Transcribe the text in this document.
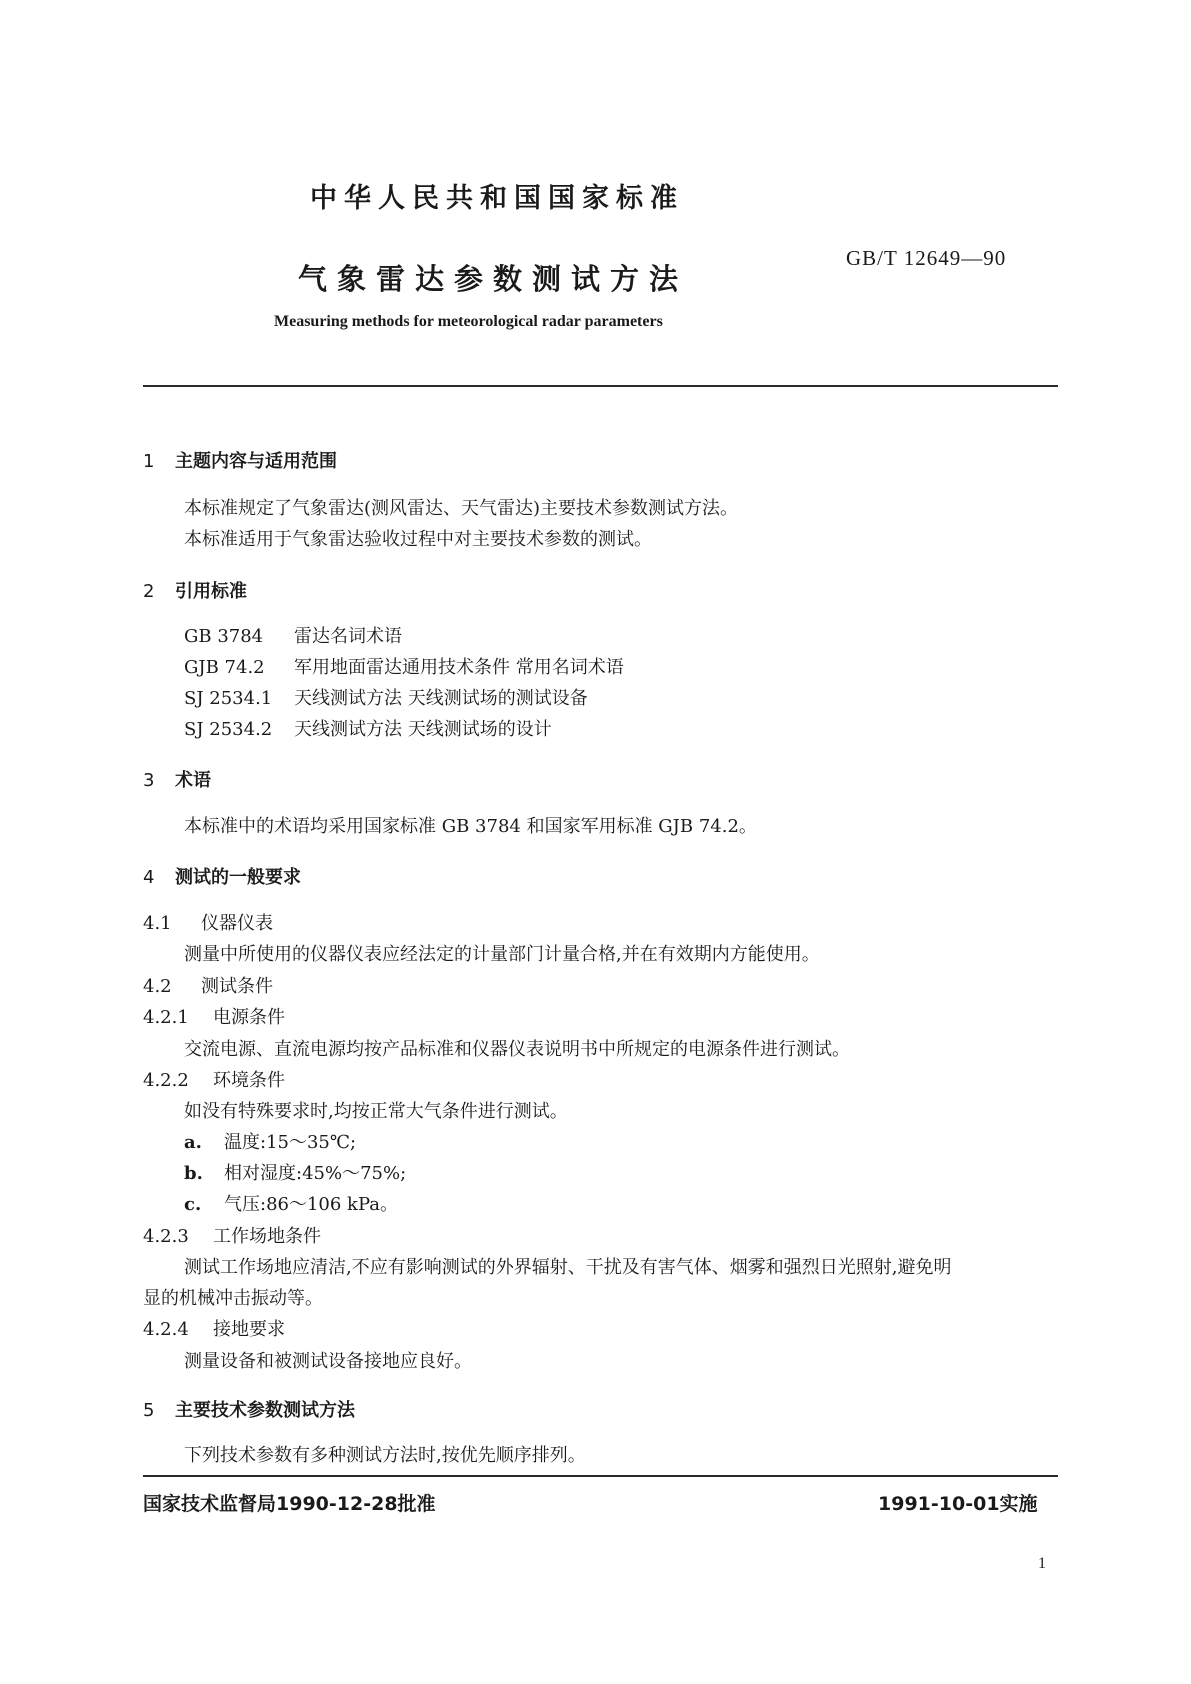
中华人民共和国国家标准
GB/T 12649—90
气象雷达参数测试方法
Measuring methods for meteorological radar parameters
1 主题内容与适用范围
本标准规定了气象雷达(测风雷达、天气雷达)主要技术参数测试方法。
本标准适用于气象雷达验收过程中对主要技术参数的测试。
2 引用标准
GB 3784 雷达名词术语
GJB 74.2 军用地面雷达通用技术条件 常用名词术语
SJ 2534.1 天线测试方法 天线测试场的测试设备
SJ 2534.2 天线测试方法 天线测试场的设计
3 术语
本标准中的术语均采用国家标准 GB 3784 和国家军用标准 GJB 74.2。
4 测试的一般要求
4.1 仪器仪表
测量中所使用的仪器仪表应经法定的计量部门计量合格,并在有效期内方能使用。
4.2 测试条件
4.2.1 电源条件
交流电源、直流电源均按产品标准和仪器仪表说明书中所规定的电源条件进行测试。
4.2.2 环境条件
如没有特殊要求时,均按正常大气条件进行测试。
a. 温度:15～35℃;
b. 相对湿度:45%～75%;
c. 气压:86～106 kPa。
4.2.3 工作场地条件
测试工作场地应清洁,不应有影响测试的外界辐射、干扰及有害气体、烟雾和强烈日光照射,避免明
显的机械冲击振动等。
4.2.4 接地要求
测量设备和被测试设备接地应良好。
5 主要技术参数测试方法
下列技术参数有多种测试方法时,按优先顺序排列。
国家技术监督局1990-12-28批准	1991-10-01实施
1
